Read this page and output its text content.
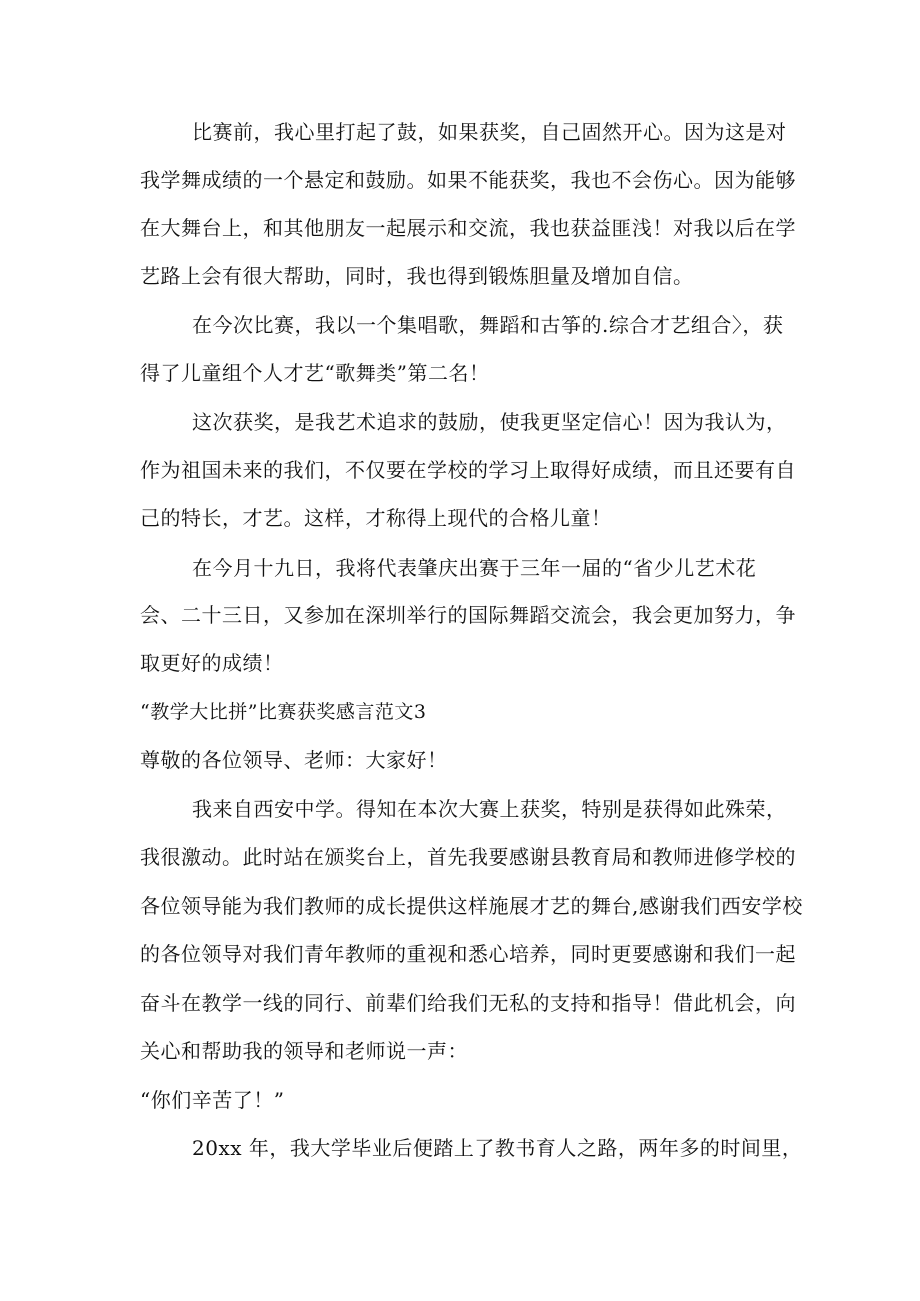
比赛前，我心里打起了鼓，如果获奖，自己固然开心。因为这是对
我学舞成绩的一个悬定和鼓励。如果不能获奖，我也不会伤心。因为能够
在大舞台上，和其他朋友一起展示和交流，我也获益匪浅！对我以后在学
艺路上会有很大帮助，同时，我也得到锻炼胆量及增加自信。
在今次比赛，我以一个集唱歌，舞蹈和古筝的.综合才艺组合〉，获
得了儿童组个人才艺“歌舞类”第二名！
这次获奖，是我艺术追求的鼓励，使我更坚定信心！因为我认为，
作为祖国未来的我们，不仅要在学校的学习上取得好成绩，而且还要有自
己的特长，才艺。这样，才称得上现代的合格儿童！
在今月十九日，我将代表肇庆出赛于三年一届的“省少儿艺术花
会、二十三日，又参加在深圳举行的国际舞蹈交流会，我会更加努力，争
取更好的成绩！
“教学大比拼”比赛获奖感言范文3
尊敬的各位领导、老师：大家好！
我来自西安中学。得知在本次大赛上获奖，特别是获得如此殊荣，
我很激动。此时站在颁奖台上，首先我要感谢县教育局和教师进修学校的
各位领导能为我们教师的成长提供这样施展才艺的舞台,感谢我们西安学校
的各位领导对我们青年教师的重视和悉心培养，同时更要感谢和我们一起
奋斗在教学一线的同行、前辈们给我们无私的支持和指导！借此机会，向
关心和帮助我的领导和老师说一声：
“你们辛苦了！”
20xx 年，我大学毕业后便踏上了教书育人之路，两年多的时间里，
